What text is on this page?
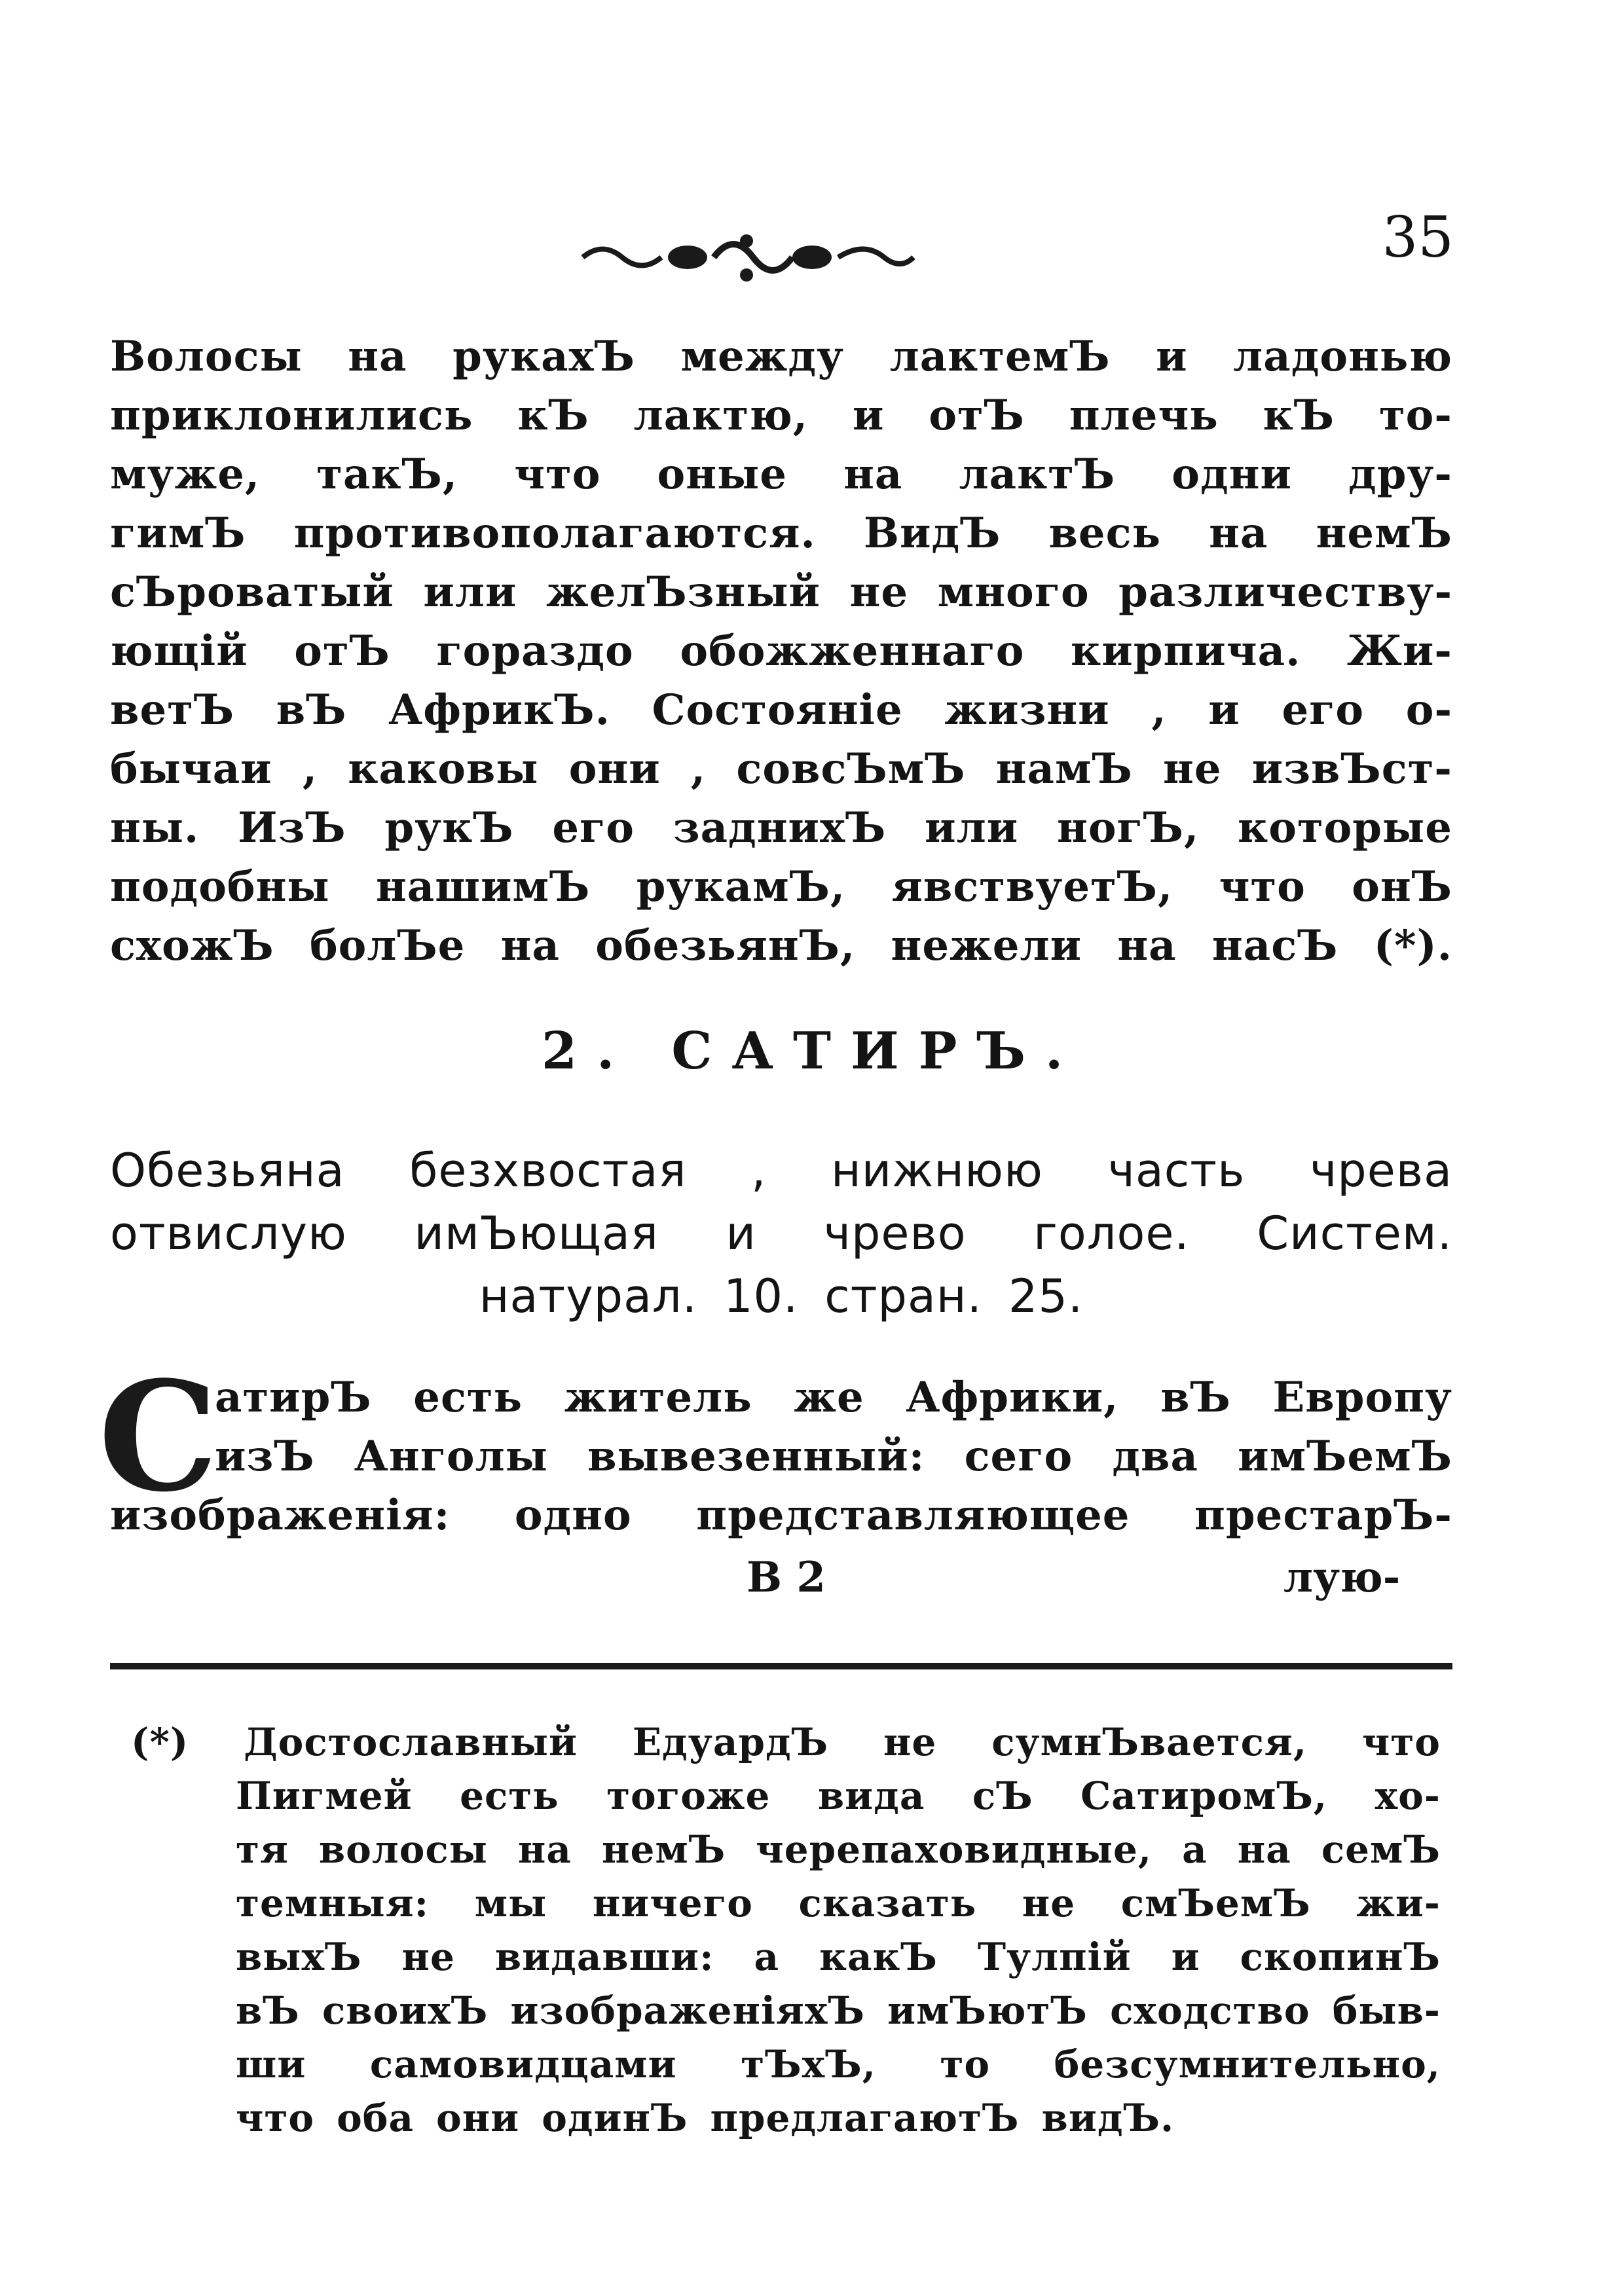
35
Волосы на рукахЪ между лактемЪ и ладонью
приклонились кЪ лактю, и отЪ плечь кЪ то-
муже, такЪ, что оные на лактЪ одни дру-
гимЪ противополагаются. ВидЪ весь на немЪ
сЪроватый или желЪзный не много различеству-
ющій отЪ гораздо обожженнаго кирпича. Жи-
ветЪ вЪ АфрикЪ. Состояніе жизни , и его о-
бычаи , каковы они , совсЪмЪ намЪ не извЪст-
ны. ИзЪ рукЪ его заднихЪ или ногЪ, которые
подобны нашимЪ рукамЪ, явствуетЪ, что онЪ
схожЪ болЪе на обезьянЪ, нежели на насЪ (*).
2. САТИРЪ.
Обезьяна безхвостая , нижнюю часть чрева
отвислую имЪющая и чрево голое. Систем.
натурал. 10. стран. 25.
С
атирЪ есть житель же Африки, вЪ Европу
изЪ Анголы вывезенный: сего два имЪемЪ
изображенія: одно представляющее престарЪ-
В 2	лую-
(*) Достославный ЕдуардЪ не сумнЪвается, что
Пигмей есть тогоже вида сЪ СатиромЪ, хо-
тя волосы на немЪ черепаховидные, а на семЪ
темныя: мы ничего сказать не смЪемЪ жи-
выхЪ не видавши: а какЪ Тулпій и скопинЪ
вЪ своихЪ изображеніяхЪ имЪютЪ сходство быв-
ши самовидцами тЪхЪ, то безсумнительно,
что оба они одинЪ предлагаютЪ видЪ.
